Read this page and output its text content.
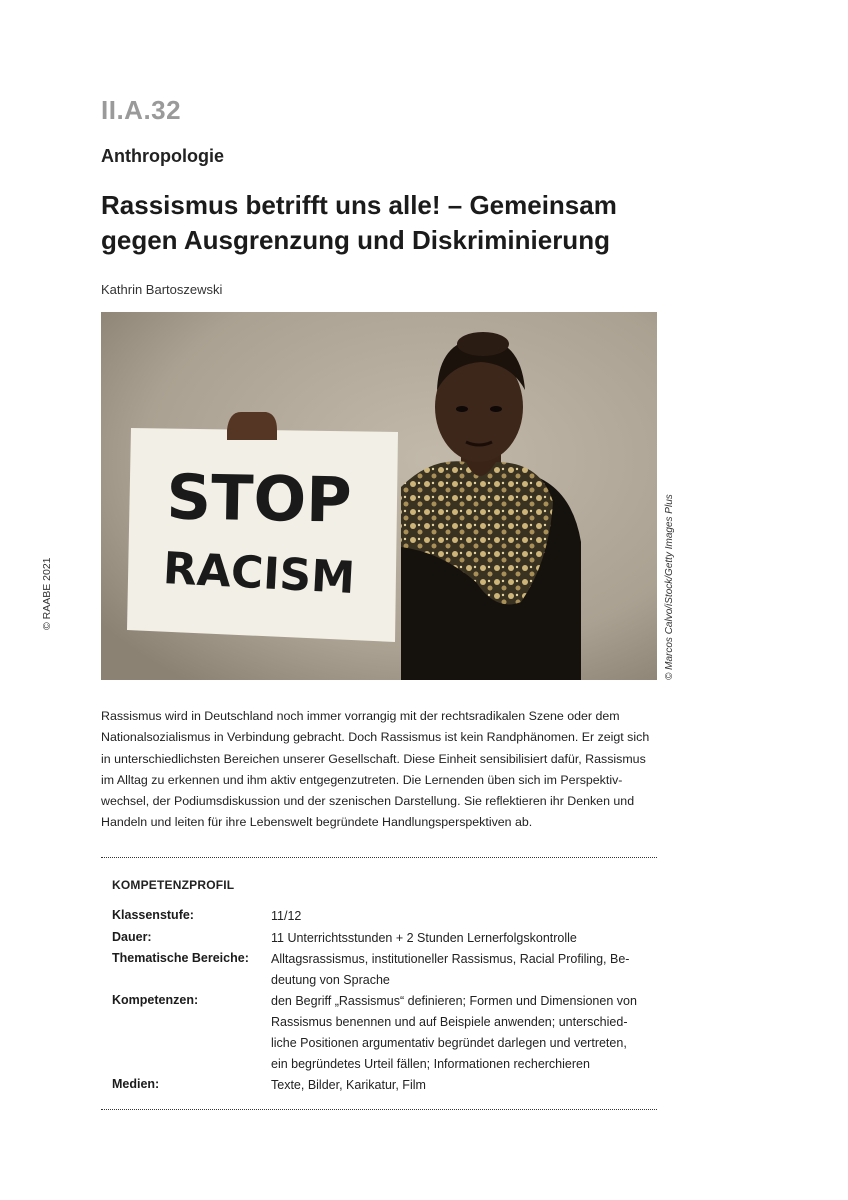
II.A.32
Anthropologie
Rassismus betrifft uns alle! – Gemeinsam
gegen Ausgrenzung und Diskriminierung
Kathrin Bartoszewski
© RAABE 2021	© Marcos Calvo/iStock/Getty Images Plus
STOP
RACISM
Rassismus wird in Deutschland noch immer vorrangig mit der rechtsradikalen Szene oder dem
Nationalsozialismus in Verbindung gebracht. Doch Rassismus ist kein Randphänomen. Er zeigt sich
in unterschiedlichsten Bereichen unserer Gesellschaft. Diese Einheit sensibilisiert dafür, Rassismus
im Alltag zu erkennen und ihm aktiv entgegenzutreten. Die Lernenden üben sich im Perspektiv-
wechsel, der Podiumsdiskussion und der szenischen Darstellung. Sie reflektieren ihr Denken und
Handeln und leiten für ihre Lebenswelt begründete Handlungsperspektiven ab.
KOMPETENZPROFIL
Klassenstufe:	11/12
Dauer:	11 Unterrichtsstunden + 2 Stunden Lernerfolgskontrolle
Thematische Bereiche: Alltagsrassismus, institutioneller Rassismus, Racial Profiling, Be-
deutung von Sprache
Kompetenzen:	den Begriff „Rassismus“ definieren; Formen und Dimensionen von
Rassismus benennen und auf Beispiele anwenden; unterschied-
liche Positionen argumentativ begründet darlegen und vertreten,
ein begründetes Urteil fällen; Informationen recherchieren
Medien:	Texte, Bilder, Karikatur, Film
